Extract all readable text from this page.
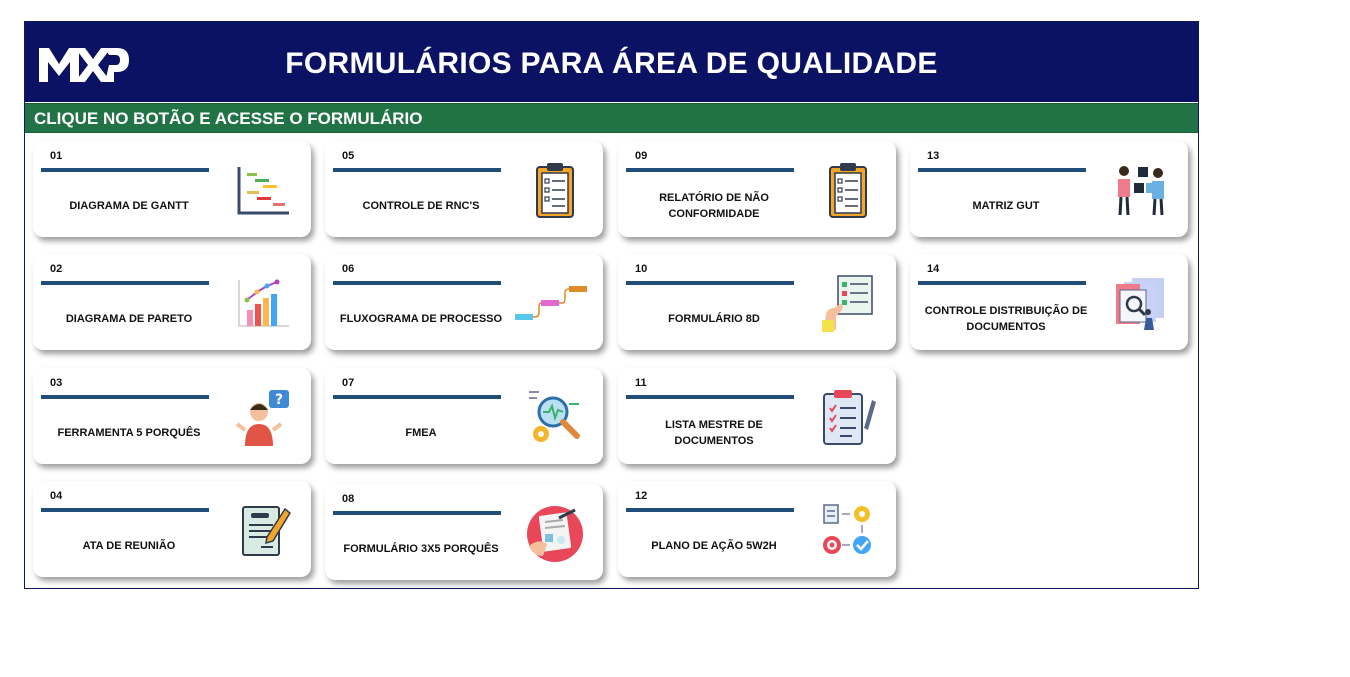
FORMULÁRIOS PARA ÁREA DE QUALIDADE
CLIQUE NO BOTÃO E ACESSE O FORMULÁRIO
01
DIAGRAMA DE GANTT
02
DIAGRAMA DE PARETO
03
FERRAMENTA 5 PORQUÊS
?
04
ATA DE REUNIÃO
05
CONTROLE DE RNC'S
06
FLUXOGRAMA DE PROCESSO
07
FMEA
08
FORMULÁRIO 3X5 PORQUÊS
09
RELATÓRIO DE NÃO CONFORMIDADE
10
FORMULÁRIO 8D
11
LISTA MESTRE DE DOCUMENTOS
12
PLANO DE AÇÃO 5W2H
13
MATRIZ GUT
14
CONTROLE DISTRIBUIÇÃO DE DOCUMENTOS
